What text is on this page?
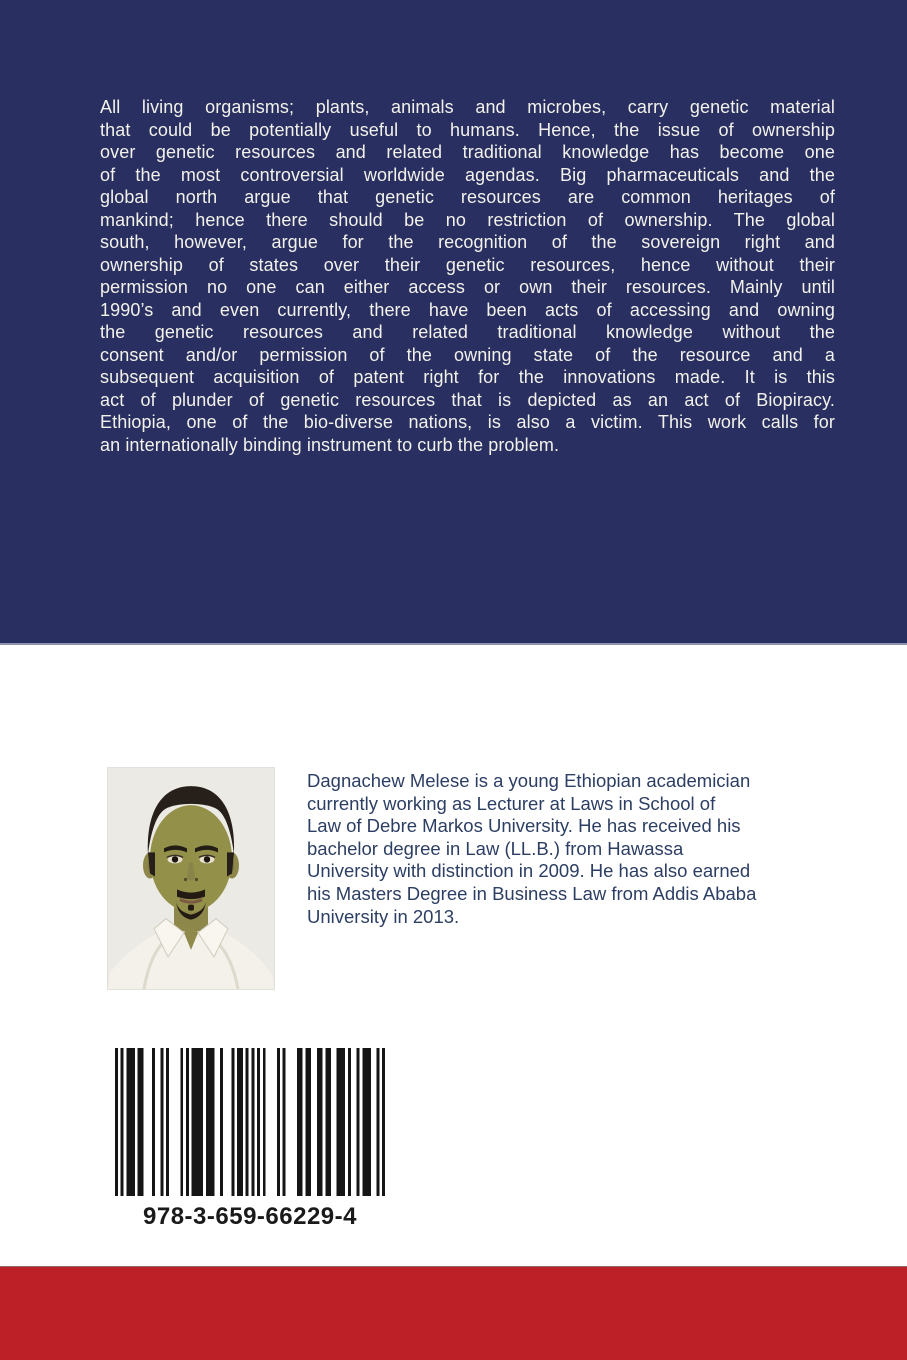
All living organisms; plants, animals and microbes, carry genetic material
that could be potentially useful to humans. Hence, the issue of ownership
over genetic resources and related traditional knowledge has become one
of the most controversial worldwide agendas. Big pharmaceuticals and the
global north argue that genetic resources are common heritages of
mankind; hence there should be no restriction of ownership. The global
south, however, argue for the recognition of the sovereign right and
ownership of states over their genetic resources, hence without their
permission no one can either access or own their resources. Mainly until
1990’s and even currently, there have been acts of accessing and owning
the genetic resources and related traditional knowledge without the
consent and/or permission of the owning state of the resource and a
subsequent acquisition of patent right for the innovations made. It is this
act of plunder of genetic resources that is depicted as an act of Biopiracy.
Ethiopia, one of the bio-diverse nations, is also a victim. This work calls for
an internationally binding instrument to curb the problem.
Dagnachew Melese is a young Ethiopian academician
currently working as Lecturer at Laws in School of
Law of Debre Markos University. He has received his
bachelor degree in Law (LL.B.) from Hawassa
University with distinction in 2009. He has also earned
his Masters Degree in Business Law from Addis Ababa
University in 2013.
978-3-659-66229-4
